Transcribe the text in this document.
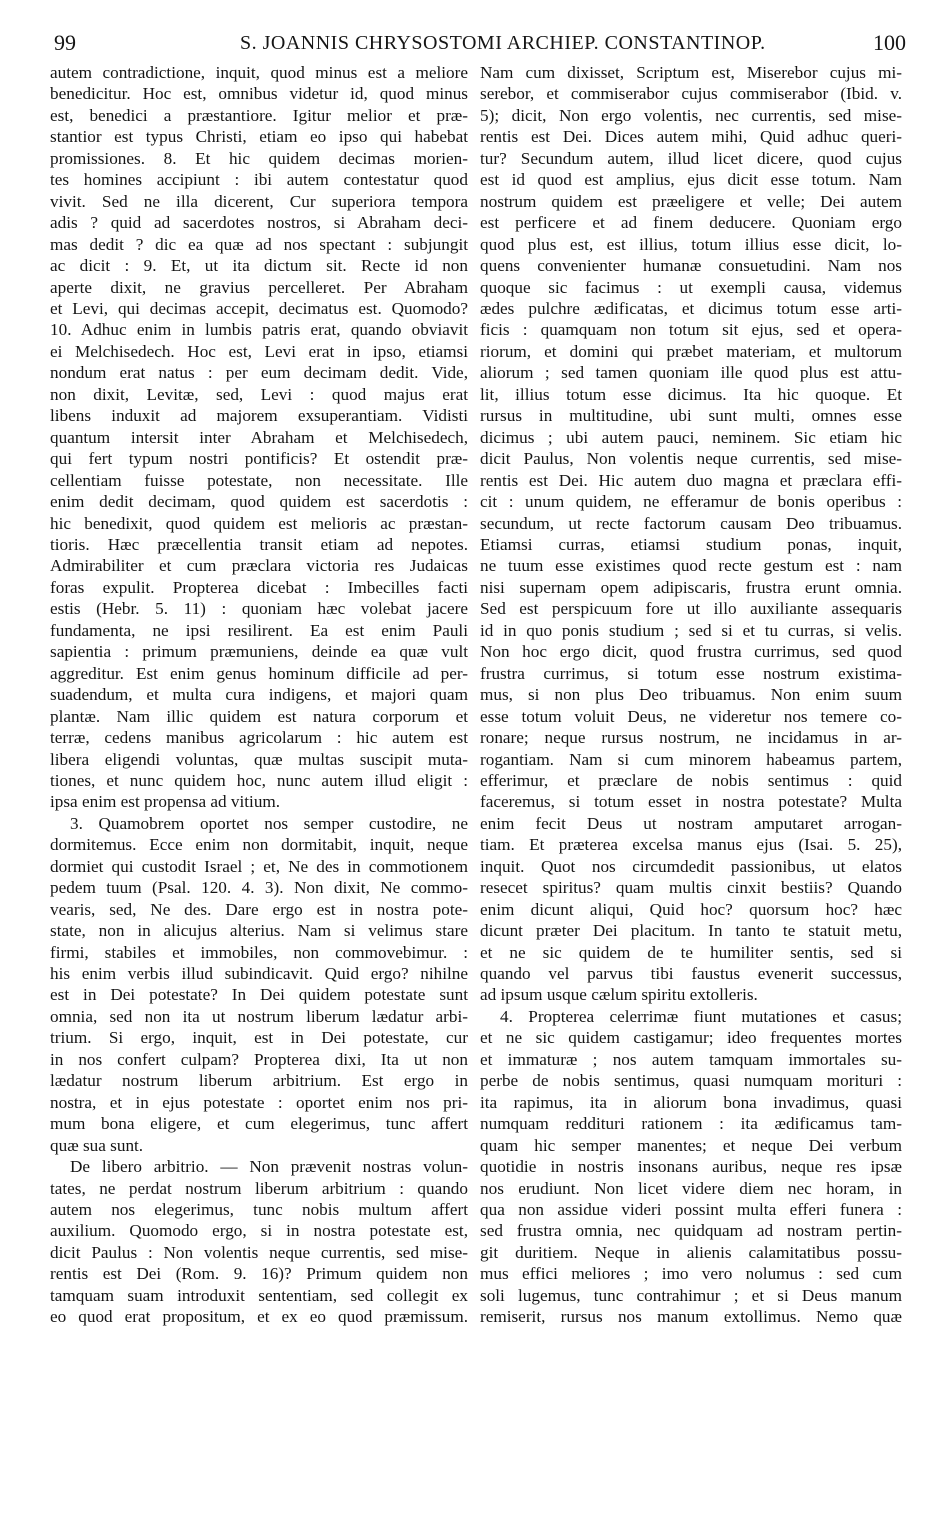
99	S. JOANNIS CHRYSOSTOMI ARCHIEP. CONSTANTINOP.	100
autem contradictione, inquit, quod minus est a meliore
benedicitur. Hoc est, omnibus videtur id, quod minus
est, benedici a præstantiore. Igitur melior et præ-
stantior est typus Christi, etiam eo ipso qui habebat
promissiones. 8. Et hic quidem decimas morien-
tes homines accipiunt : ibi autem contestatur quod
vivit. Sed ne illa dicerent, Cur superiora tempora
adis ? quid ad sacerdotes nostros, si Abraham deci-
mas dedit ? dic ea quæ ad nos spectant : subjungit
ac dicit : 9. Et, ut ita dictum sit. Recte id non
aperte dixit, ne gravius percelleret. Per Abraham
et Levi, qui decimas accepit, decimatus est. Quomodo?
10. Adhuc enim in lumbis patris erat, quando obviavit
ei Melchisedech. Hoc est, Levi erat in ipso, etiamsi
nondum erat natus : per eum decimam dedit. Vide,
non dixit, Levitæ, sed, Levi : quod majus erat
libens induxit ad majorem exsuperantiam. Vidisti
quantum intersit inter Abraham et Melchisedech,
qui fert typum nostri pontificis? Et ostendit præ-
cellentiam fuisse potestate, non necessitate. Ille
enim dedit decimam, quod quidem est sacerdotis :
hic benedixit, quod quidem est melioris ac præstan-
tioris. Hæc præcellentia transit etiam ad nepotes.
Admirabiliter et cum præclara victoria res Judaicas
foras expulit. Propterea dicebat : Imbecilles facti
estis (Hebr. 5. 11) : quoniam hæc volebat jacere
fundamenta, ne ipsi resilirent. Ea est enim Pauli
sapientia : primum præmuniens, deinde ea quæ vult
aggreditur. Est enim genus hominum difficile ad per-
suadendum, et multa cura indigens, et majori quam
plantæ. Nam illic quidem est natura corporum et
terræ, cedens manibus agricolarum : hic autem est
libera eligendi voluntas, quæ multas suscipit muta-
tiones, et nunc quidem hoc, nunc autem illud eligit :
ipsa enim est propensa ad vitium.
3. Quamobrem oportet nos semper custodire, ne
dormitemus. Ecce enim non dormitabit, inquit, neque
dormiet qui custodit Israel ; et, Ne des in commotionem
pedem tuum (Psal. 120. 4. 3). Non dixit, Ne commo-
vearis, sed, Ne des. Dare ergo est in nostra pote-
state, non in alicujus alterius. Nam si velimus stare
firmi, stabiles et immobiles, non commovebimur. :
his enim verbis illud subindicavit. Quid ergo? nihilne
est in Dei potestate? In Dei quidem potestate sunt
omnia, sed non ita ut nostrum liberum lædatur arbi-
trium. Si ergo, inquit, est in Dei potestate, cur
in nos confert culpam? Propterea dixi, Ita ut non
lædatur nostrum liberum arbitrium. Est ergo in
nostra, et in ejus potestate : oportet enim nos pri-
mum bona eligere, et cum elegerimus, tunc affert
quæ sua sunt.
De libero arbitrio. — Non prævenit nostras volun-
tates, ne perdat nostrum liberum arbitrium : quando
autem nos elegerimus, tunc nobis multum affert
auxilium. Quomodo ergo, si in nostra potestate est,
dicit Paulus : Non volentis neque currentis, sed mise-
rentis est Dei (Rom. 9. 16)? Primum quidem non
tamquam suam introduxit sententiam, sed collegit ex
eo quod erat propositum, et ex eo quod præmissum.
Nam cum dixisset, Scriptum est, Miserebor cujus mi-
serebor, et commiserabor cujus commiserabor (Ibid. v.
5); dicit, Non ergo volentis, nec currentis, sed mise-
rentis est Dei. Dices autem mihi, Quid adhuc queri-
tur? Secundum autem, illud licet dicere, quod cujus
est id quod est amplius, ejus dicit esse totum. Nam
nostrum quidem est præeligere et velle; Dei autem
est perficere et ad finem deducere. Quoniam ergo
quod plus est, est illius, totum illius esse dicit, lo-
quens convenienter humanæ consuetudini. Nam nos
quoque sic facimus : ut exempli causa, videmus
ædes pulchre ædificatas, et dicimus totum esse arti-
ficis : quamquam non totum sit ejus, sed et opera-
riorum, et domini qui præbet materiam, et multorum
aliorum ; sed tamen quoniam ille quod plus est attu-
lit, illius totum esse dicimus. Ita hic quoque. Et
rursus in multitudine, ubi sunt multi, omnes esse
dicimus ; ubi autem pauci, neminem. Sic etiam hic
dicit Paulus, Non volentis neque currentis, sed mise-
rentis est Dei. Hic autem duo magna et præclara effi-
cit : unum quidem, ne efferamur de bonis operibus :
secundum, ut recte factorum causam Deo tribuamus.
Etiamsi curras, etiamsi studium ponas, inquit,
ne tuum esse existimes quod recte gestum est : nam
nisi supernam opem adipiscaris, frustra erunt omnia.
Sed est perspicuum fore ut illo auxiliante assequaris
id in quo ponis studium ; sed si et tu curras, si velis.
Non hoc ergo dicit, quod frustra currimus, sed quod
frustra currimus, si totum esse nostrum existima-
mus, si non plus Deo tribuamus. Non enim suum
esse totum voluit Deus, ne videretur nos temere co-
ronare; neque rursus nostrum, ne incidamus in ar-
rogantiam. Nam si cum minorem habeamus partem,
efferimur, et præclare de nobis sentimus : quid
faceremus, si totum esset in nostra potestate? Multa
enim fecit Deus ut nostram amputaret arrogan-
tiam. Et præterea excelsa manus ejus (Isai. 5. 25),
inquit. Quot nos circumdedit passionibus, ut elatos
resecet spiritus? quam multis cinxit bestiis? Quando
enim dicunt aliqui, Quid hoc? quorsum hoc? hæc
dicunt præter Dei placitum. In tanto te statuit metu,
et ne sic quidem de te humiliter sentis, sed si
quando vel parvus tibi faustus evenerit successus,
ad ipsum usque cælum spiritu extolleris.
4. Propterea celerrimæ fiunt mutationes et casus;
et ne sic quidem castigamur; ideo frequentes mortes
et immaturæ ; nos autem tamquam immortales su-
perbe de nobis sentimus, quasi numquam morituri :
ita rapimus, ita in aliorum bona invadimus, quasi
numquam reddituri rationem : ita ædificamus tam-
quam hic semper manentes; et neque Dei verbum
quotidie in nostris insonans auribus, neque res ipsæ
nos erudiunt. Non licet videre diem nec horam, in
qua non assidue videri possint multa efferi funera :
sed frustra omnia, nec quidquam ad nostram pertin-
git duritiem. Neque in alienis calamitatibus possu-
mus effici meliores ; imo vero nolumus : sed cum
soli lugemus, tunc contrahimur ; et si Deus manum
remiserit, rursus nos manum extollimus. Nemo quæ
